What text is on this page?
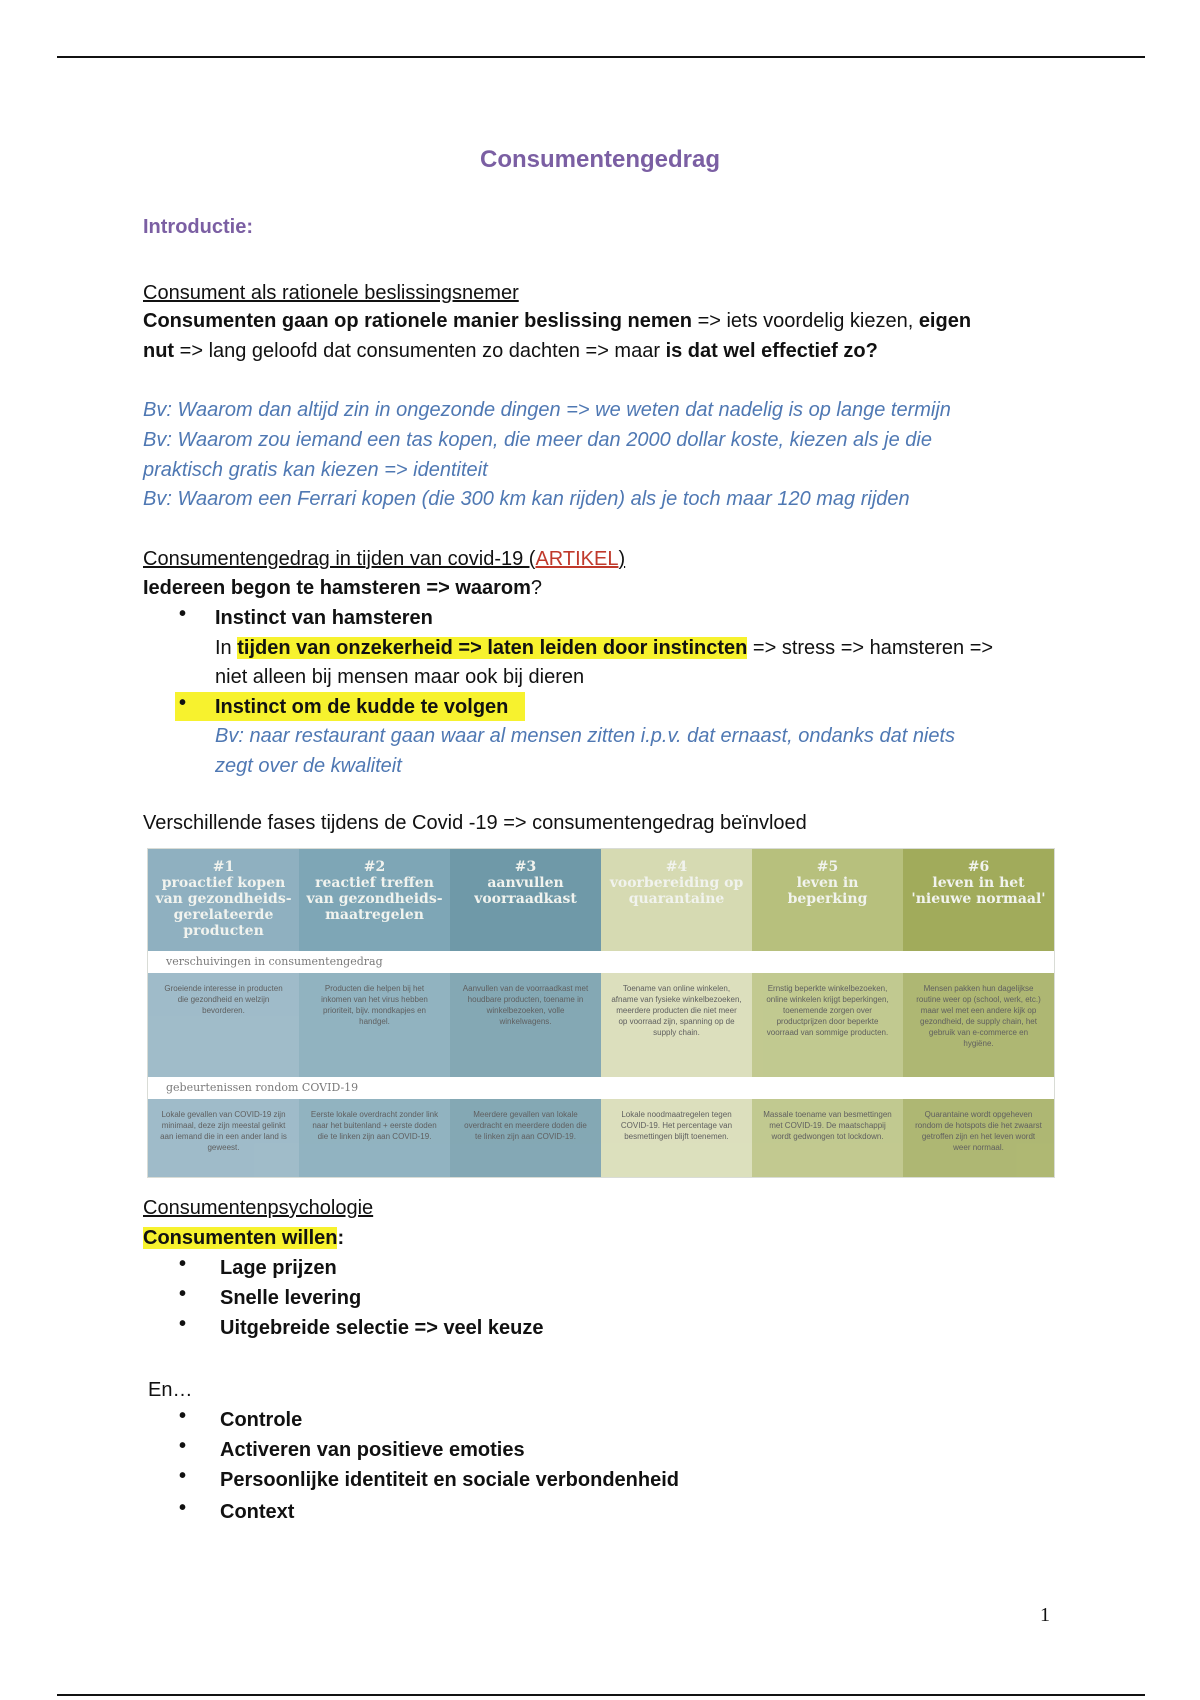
Consumentengedrag
Introductie:
Consument als rationele beslissingsnemer
Consumenten gaan op rationele manier beslissing nemen => iets voordelig kiezen, eigen
nut => lang geloofd dat consumenten zo dachten => maar is dat wel effectief zo?
Bv: Waarom dan altijd zin in ongezonde dingen => we weten dat nadelig is op lange termijn
Bv: Waarom zou iemand een tas kopen, die meer dan 2000 dollar koste, kiezen als je die
praktisch gratis kan kiezen => identiteit
Bv: Waarom een Ferrari kopen (die 300 km kan rijden) als je toch maar 120 mag rijden
Consumentengedrag in tijden van covid-19 (ARTIKEL)
Iedereen begon te hamsteren => waarom?
• Instinct van hamsteren
In tijden van onzekerheid => laten leiden door instincten => stress => hamsteren =>
niet alleen bij mensen maar ook bij dieren
• Instinct om de kudde te volgen
Bv: naar restaurant gaan waar al mensen zitten i.p.v. dat ernaast, ondanks dat niets
zegt over de kwaliteit
Verschillende fases tijdens de Covid -19 => consumentengedrag beïnvloed
#1
proactief kopen
van gezondheids-
gerelateerde
producten
#2
reactief treffen
van gezondheids-
maatregelen
#3
aanvullen
voorraadkast
#4
voorbereiding op
quarantaine
#5
leven in
beperking
#6
leven in het
'nieuwe normaal'
verschuivingen in consumentengedrag
Groeiende interesse in producten die gezondheid en welzijn bevorderen.
Producten die helpen bij het inkomen van het virus hebben prioriteit, bijv. mondkapjes en handgel.
Aanvullen van de voorraadkast met houdbare producten, toename in winkelbezoeken, volle winkelwagens.
Toename van online winkelen, afname van fysieke winkelbezoeken, meerdere producten die niet meer op voorraad zijn, spanning op de supply chain.
Ernstig beperkte winkelbezoeken, online winkelen krijgt beperkingen, toenemende zorgen over productprijzen door beperkte voorraad van sommige producten.
Mensen pakken hun dagelijkse routine weer op (school, werk, etc.) maar wel met een andere kijk op gezondheid, de supply chain, het gebruik van e-commerce en hygiëne.
gebeurtenissen rondom COVID-19
Lokale gevallen van COVID-19 zijn minimaal, deze zijn meestal gelinkt aan iemand die in een ander land is geweest.
Eerste lokale overdracht zonder link naar het buitenland + eerste doden die te linken zijn aan COVID-19.
Meerdere gevallen van lokale overdracht en meerdere doden die te linken zijn aan COVID-19.
Lokale noodmaatregelen tegen COVID-19. Het percentage van besmettingen blijft toenemen.
Massale toename van besmettingen met COVID-19. De maatschappij wordt gedwongen tot lockdown.
Quarantaine wordt opgeheven rondom de hotspots die het zwaarst getroffen zijn en het leven wordt weer normaal.
Consumentenpsychologie
Consumenten willen:
• Lage prijzen
• Snelle levering
• Uitgebreide selectie => veel keuze
En…
• Controle
• Activeren van positieve emoties
• Persoonlijke identiteit en sociale verbondenheid
• Context
1
